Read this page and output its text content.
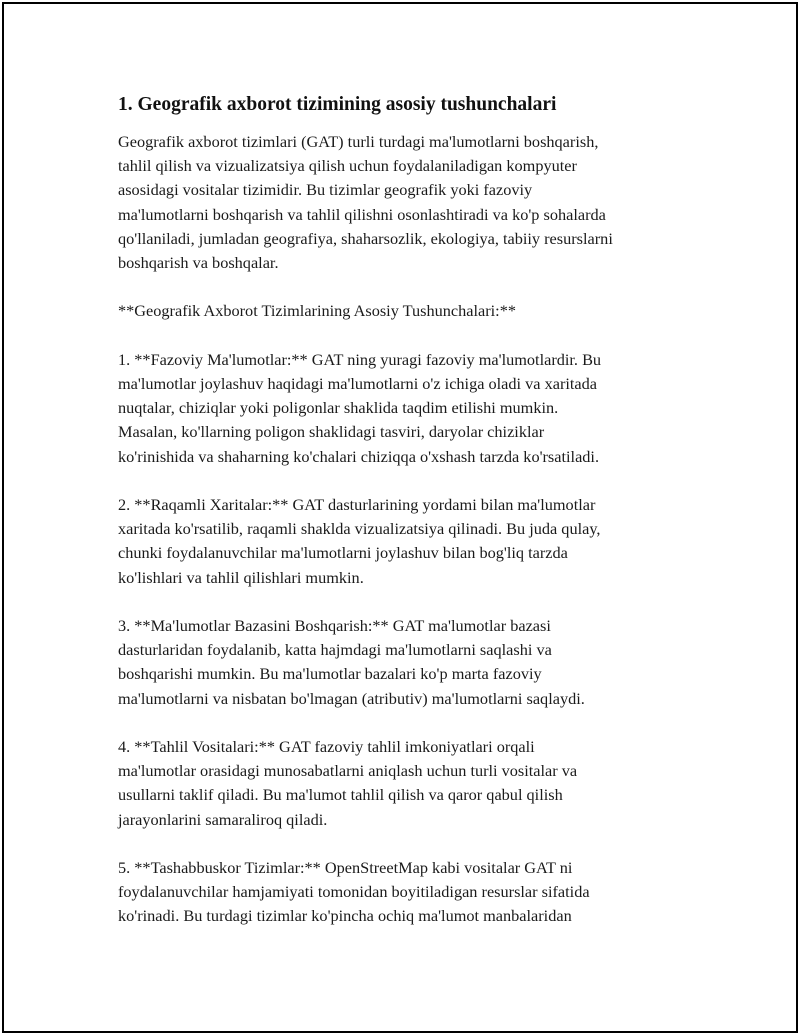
1. Geografik axborot tizimining asosiy tushunchalari

Geografik axborot tizimlari (GAT) turli turdagi ma'lumotlarni boshqarish,
tahlil qilish va vizualizatsiya qilish uchun foydalaniladigan kompyuter
asosidagi vositalar tizimidir. Bu tizimlar geografik yoki fazoviy
ma'lumotlarni boshqarish va tahlil qilishni osonlashtiradi va ko'p sohalarda
qo'llaniladi, jumladan geografiya, shaharsozlik, ekologiya, tabiiy resurslarni
boshqarish va boshqalar.

**Geografik Axborot Tizimlarining Asosiy Tushunchalari:**

1. **Fazoviy Ma'lumotlar:** GAT ning yuragi fazoviy ma'lumotlardir. Bu
ma'lumotlar joylashuv haqidagi ma'lumotlarni o'z ichiga oladi va xaritada
nuqtalar, chiziqlar yoki poligonlar shaklida taqdim etilishi mumkin.
Masalan, ko'llarning poligon shaklidagi tasviri, daryolar chiziklar
ko'rinishida va shaharning ko'chalari chiziqqa o'xshash tarzda ko'rsatiladi.

2. **Raqamli Xaritalar:** GAT dasturlarining yordami bilan ma'lumotlar
xaritada ko'rsatilib, raqamli shaklda vizualizatsiya qilinadi. Bu juda qulay,
chunki foydalanuvchilar ma'lumotlarni joylashuv bilan bog'liq tarzda
ko'lishlari va tahlil qilishlari mumkin.

3. **Ma'lumotlar Bazasini Boshqarish:** GAT ma'lumotlar bazasi
dasturlaridan foydalanib, katta hajmdagi ma'lumotlarni saqlashi va
boshqarishi mumkin. Bu ma'lumotlar bazalari ko'p marta fazoviy
ma'lumotlarni va nisbatan bo'lmagan (atributiv) ma'lumotlarni saqlaydi.

4. **Tahlil Vositalari:** GAT fazoviy tahlil imkoniyatlari orqali
ma'lumotlar orasidagi munosabatlarni aniqlash uchun turli vositalar va
usullarni taklif qiladi. Bu ma'lumot tahlil qilish va qaror qabul qilish
jarayonlarini samaraliroq qiladi.

5. **Tashabbuskor Tizimlar:** OpenStreetMap kabi vositalar GAT ni
foydalanuvchilar hamjamiyati tomonidan boyitiladigan resurslar sifatida
ko'rinadi. Bu turdagi tizimlar ko'pincha ochiq ma'lumot manbalaridan
